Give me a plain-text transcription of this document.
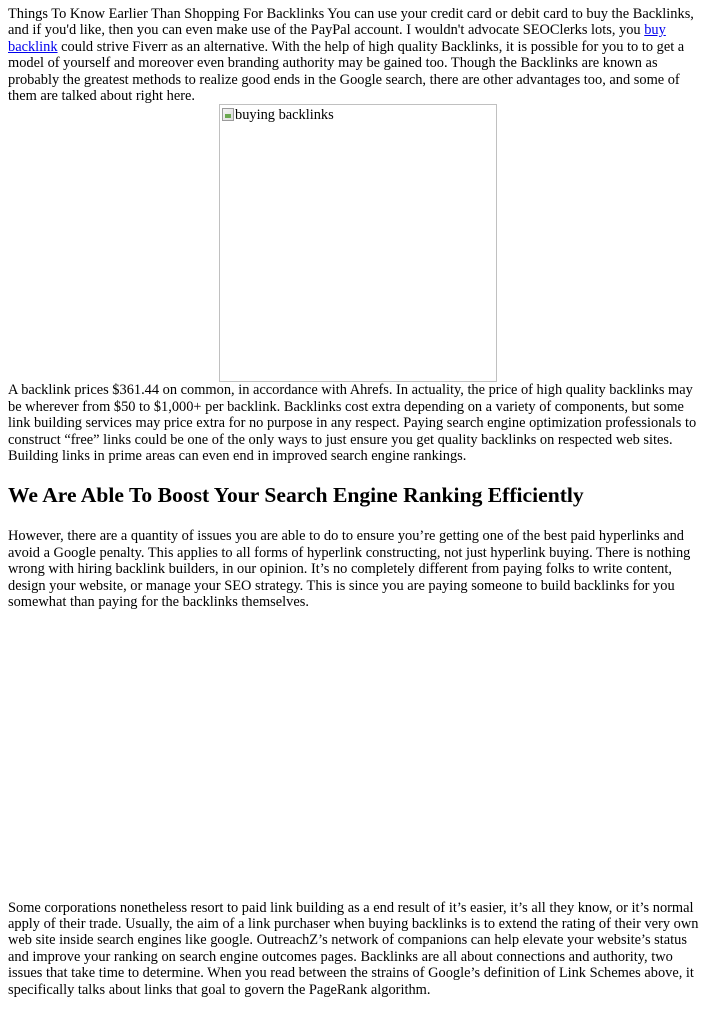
Things To Know Earlier Than Shopping For Backlinks You can use your credit card or debit card to buy the Backlinks, and if you'd like, then you can even make use of the PayPal account. I wouldn't advocate SEOClerks lots, you buy backlink could strive Fiverr as an alternative. With the help of high quality Backlinks, it is possible for you to to get a model of yourself and moreover even branding authority may be gained too. Though the Backlinks are known as probably the greatest methods to realize good ends in the Google search, there are other advantages too, and some of them are talked about right here.

buying backlinks

A backlink prices $361.44 on common, in accordance with Ahrefs. In actuality, the price of high quality backlinks may be wherever from $50 to $1,000+ per backlink. Backlinks cost extra depending on a variety of components, but some link building services may price extra for no purpose in any respect. Paying search engine optimization professionals to construct “free” links could be one of the only ways to just ensure you get quality backlinks on respected web sites. Building links in prime areas can even end in improved search engine rankings.

We Are Able To Boost Your Search Engine Ranking Efficiently

However, there are a quantity of issues you are able to do to ensure you’re getting one of the best paid hyperlinks and avoid a Google penalty. This applies to all forms of hyperlink constructing, not just hyperlink buying. There is nothing wrong with hiring backlink builders, in our opinion. It’s no completely different from paying folks to write content, design your website, or manage your SEO strategy. This is since you are paying someone to build backlinks for you somewhat than paying for the backlinks themselves.

Some corporations nonetheless resort to paid link building as a end result of it’s easier, it’s all they know, or it’s normal apply of their trade. Usually, the aim of a link purchaser when buying backlinks is to extend the rating of their very own web site inside search engines like google. OutreachZ’s network of companions can help elevate your website’s status and improve your ranking on search engine outcomes pages. Backlinks are all about connections and authority, two issues that take time to determine. When you read between the strains of Google’s definition of Link Schemes above, it specifically talks about links that goal to govern the PageRank algorithm.
